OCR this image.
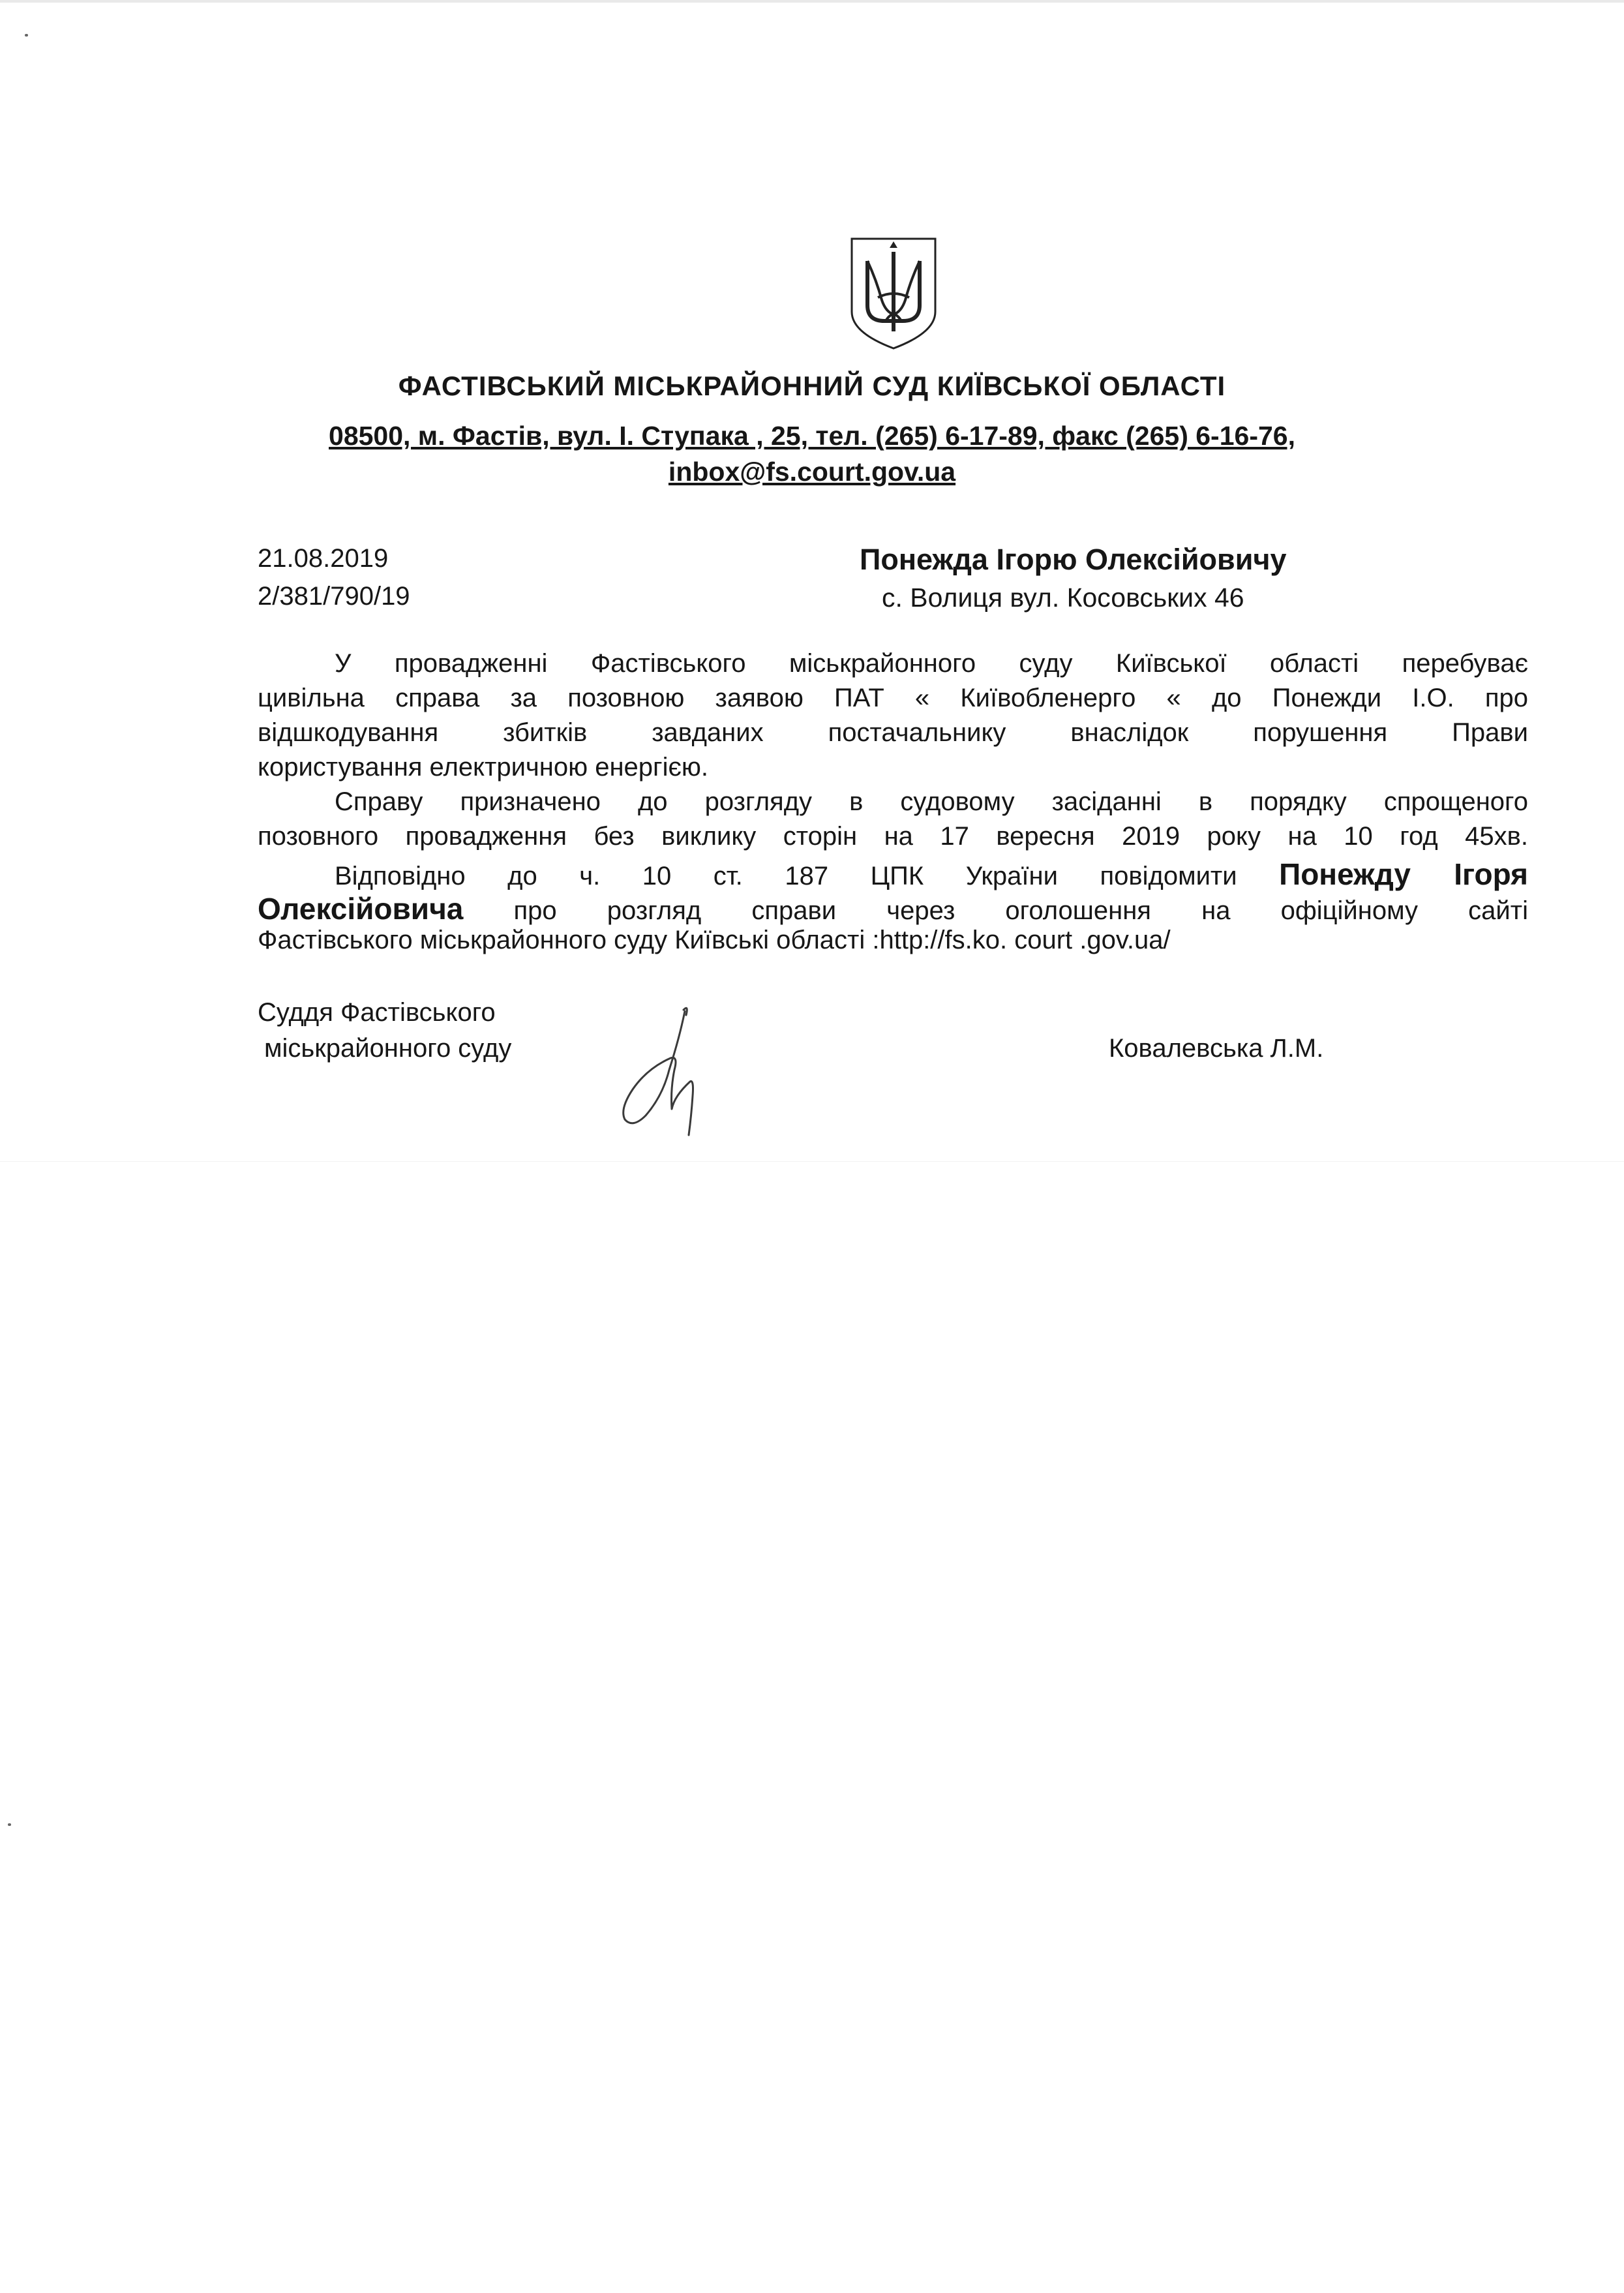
ФАСТІВСЬКИЙ МІСЬКРАЙОННИЙ СУД КИЇВСЬКОЇ ОБЛАСТІ
08500, м. Фастів, вул. І. Ступака , 25, тел. (265) 6-17-89, факс (265) 6-16-76,
inbox@fs.court.gov.ua
21.08.2019
2/381/790/19
Понежда Ігорю Олексійовичу
с. Волиця вул. Косовських 46
У провадженні Фастівського міськрайонного суду Київської області перебуває
цивільна справа за позовною заявою ПАТ « Київобленерго « до Понежди І.О. про
відшкодування збитків завданих постачальнику внаслідок порушення Прави
користування електричною енергією.
Справу призначено до розгляду в судовому засіданні в порядку спрощеного
позовного провадження без виклику сторін на 17 вересня 2019 року на 10 год 45хв.
Відповідно до ч. 10 ст. 187 ЦПК України повідомити Понежду Ігоря
Олексійовича про розгляд справи через оголошення на офіційному сайті
Фастівського міськрайонного суду Київські області :http://fs.ko. court .gov.ua/
Суддя Фастівського
міськрайонного суду	Ковалевська Л.М.
